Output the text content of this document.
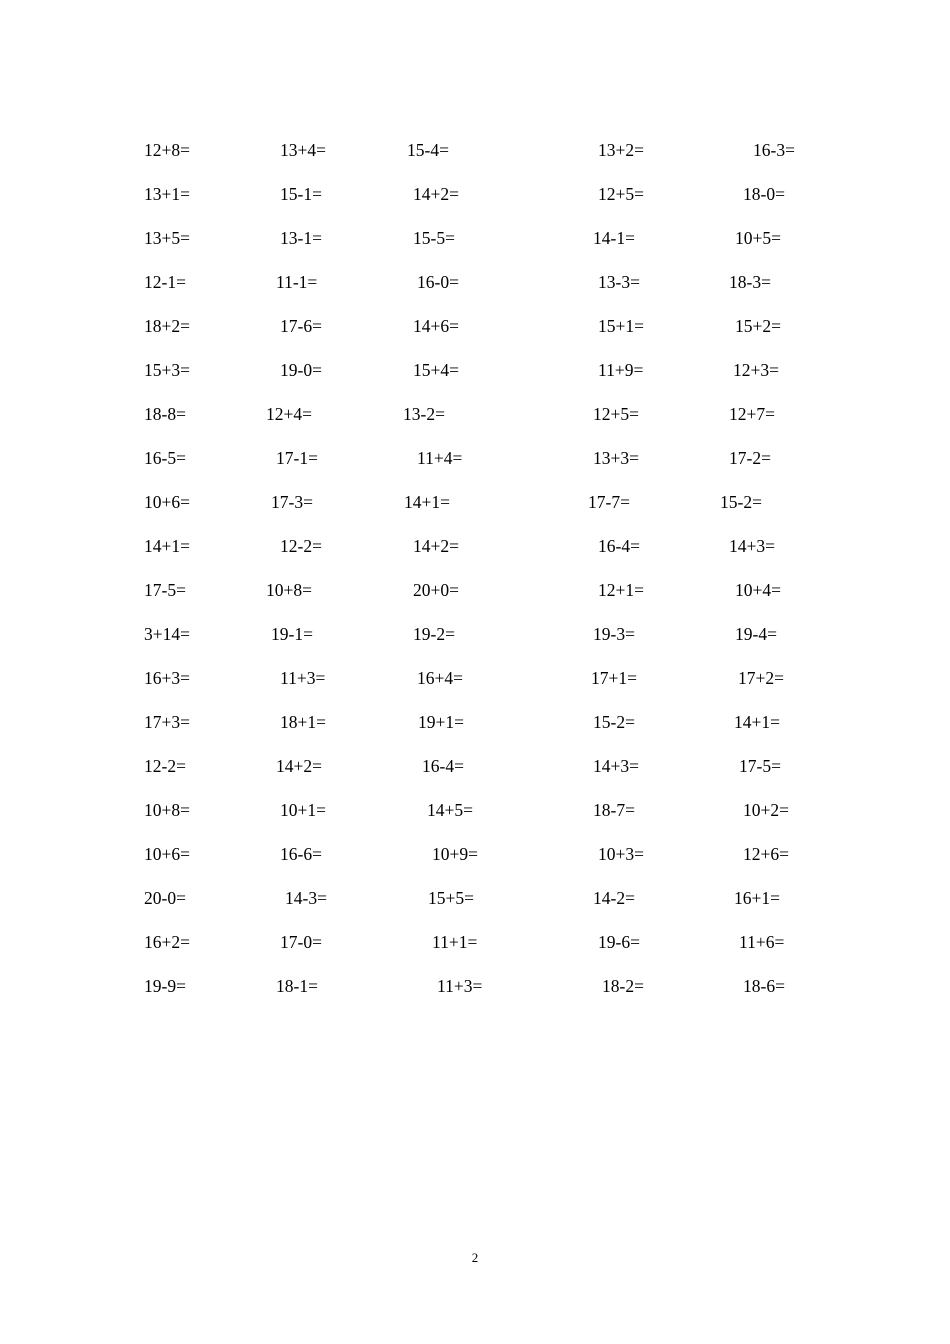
12+8=	13+4=	15-4=	13+2=	16-3=
13+1=	15-1=	14+2=	12+5=	18-0=
13+5=	13-1=	15-5=	14-1=	10+5=
12-1=	11-1=	16-0=	13-3=	18-3=
18+2=	17-6=	14+6=	15+1=	15+2=
15+3=	19-0=	15+4=	11+9=	12+3=
18-8=	12+4=	13-2=	12+5=	12+7=
16-5=	17-1=	11+4=	13+3=	17-2=
10+6=	17-3=	14+1=	17-7=	15-2=
14+1=	12-2=	14+2=	16-4=	14+3=
17-5=	10+8=	20+0=	12+1=	10+4=
3+14=	19-1=	19-2=	19-3=	19-4=
16+3=	11+3=	16+4=	17+1=	17+2=
17+3=	18+1=	19+1=	15-2=	14+1=
12-2=	14+2=	16-4=	14+3=	17-5=
10+8=	10+1=	14+5=	18-7=	10+2=
10+6=	16-6=	10+9=	10+3=	12+6=
20-0=	14-3=	15+5=	14-2=	16+1=
16+2=	17-0=	11+1=	19-6=	11+6=
19-9=	18-1=	11+3=	18-2=	18-6=
2
